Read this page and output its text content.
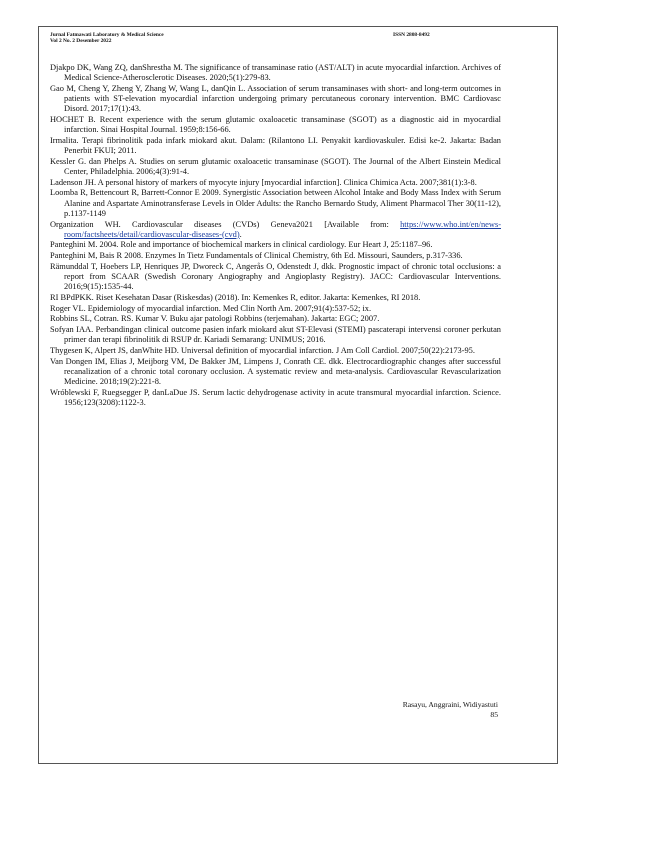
Jurnal Fatmawati Laboratory & Medical Science
Vol 2 No. 2 Desember 2022
ISSN 2808-8492
Djakpo DK, Wang ZQ, danShrestha M. The significance of transaminase ratio (AST/ALT) in acute myocardial infarction. Archives of Medical Science-Atherosclerotic Diseases. 2020;5(1):279-83.
Gao M, Cheng Y, Zheng Y, Zhang W, Wang L, danQin L. Association of serum transaminases with short- and long-term outcomes in patients with ST-elevation myocardial infarction undergoing primary percutaneous coronary intervention. BMC Cardiovasc Disord. 2017;17(1):43.
HOCHET B. Recent experience with the serum glutamic oxaloacetic transaminase (SGOT) as a diagnostic aid in myocardial infarction. Sinai Hospital Journal. 1959;8:156-66.
Irmalita. Terapi fibrinolitik pada infark miokard akut. Dalam: (Rilantono LI. Penyakit kardiovaskuler. Edisi ke-2. Jakarta: Badan Penerbit FKUI; 2011.
Kessler G. dan Phelps A. Studies on serum glutamic oxaloacetic transaminase (SGOT). The Journal of the Albert Einstein Medical Center, Philadelphia. 2006;4(3):91-4.
Ladenson JH. A personal history of markers of myocyte injury [myocardial infarction]. Clinica Chimica Acta. 2007;381(1):3-8.
Loomba R, Bettencourt R, Barrett-Connor E 2009. Synergistic Association between Alcohol Intake and Body Mass Index with Serum Alanine and Aspartate Aminotransferase Levels in Older Adults: the Rancho Bernardo Study, Aliment Pharmacol Ther 30(11-12), p.1137-1149
Organization WH. Cardiovascular diseases (CVDs) Geneva2021 [Available from: https://www.who.int/en/news-room/factsheets/detail/cardiovascular-diseases-(cvd).
Panteghini M. 2004. Role and importance of biochemical markers in clinical cardiology. Eur Heart J, 25:1187–96.
Panteghini M, Bais R 2008. Enzymes In Tietz Fundamentals of Clinical Chemistry, 6th Ed. Missouri, Saunders, p.317-336.
Rämunddal T, Hoebers LP, Henriques JP, Dworeck C, Angerås O, Odenstedt J, dkk. Prognostic impact of chronic total occlusions: a report from SCAAR (Swedish Coronary Angiography and Angioplasty Registry). JACC: Cardiovascular Interventions. 2016;9(15):1535-44.
RI BPdPKK. Riset Kesehatan Dasar (Riskesdas) (2018). In: Kemenkes R, editor. Jakarta: Kemenkes, RI 2018.
Roger VL. Epidemiology of myocardial infarction. Med Clin North Am. 2007;91(4):537-52; ix.
Robbins SL, Cotran. RS. Kumar V. Buku ajar patologi Robbins (terjemahan). Jakarta: EGC; 2007.
Sofyan IAA. Perbandingan clinical outcome pasien infark miokard akut ST-Elevasi (STEMI) pascaterapi intervensi coroner perkutan primer dan terapi fibrinolitik di RSUP dr. Kariadi Semarang: UNIMUS; 2016.
Thygesen K, Alpert JS, danWhite HD. Universal definition of myocardial infarction. J Am Coll Cardiol. 2007;50(22):2173-95.
Van Dongen IM, Elias J, Meijborg VM, De Bakker JM, Limpens J, Conrath CE. dkk. Electrocardiographic changes after successful recanalization of a chronic total coronary occlusion. A systematic review and meta-analysis. Cardiovascular Revascularization Medicine. 2018;19(2):221-8.
Wróblewski F, Ruegsegger P, danLaDue JS. Serum lactic dehydrogenase activity in acute transmural myocardial infarction. Science. 1956;123(3208):1122-3.
Rasayu, Anggraini, Widiyastuti
85
